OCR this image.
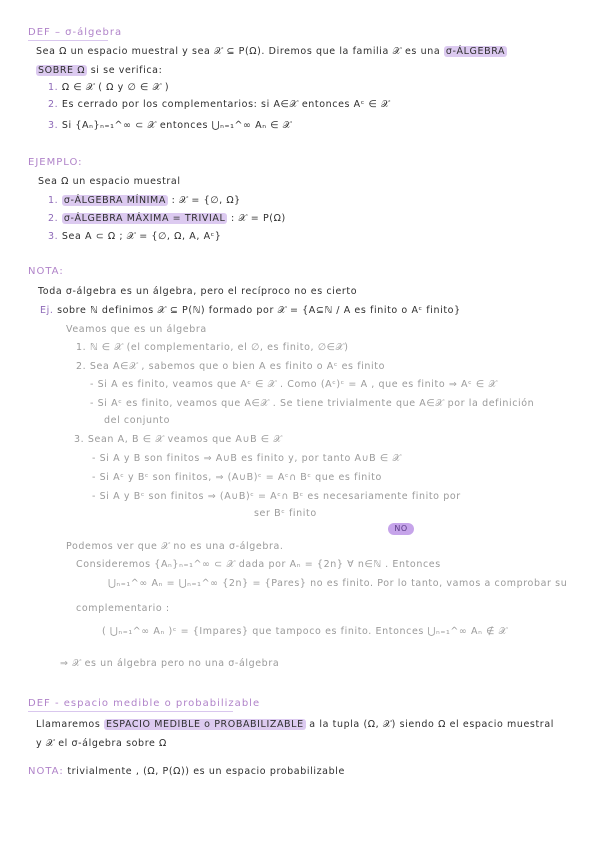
DEF – σ-álgebra
Sea Ω un espacio muestral y sea 𝒳 ⊆ P(Ω). Diremos que la familia 𝒳 es una σ-ÁLGEBRA
SOBRE Ω si se verifica:
1. Ω ∈ 𝒳 ( Ω y ∅ ∈ 𝒳 )
2. Es cerrado por los complementarios: si A∈𝒳 entonces Aᶜ ∈ 𝒳
3. Si {Aₙ}ₙ₌₁^∞ ⊂ 𝒳 entonces ⋃ₙ₌₁^∞ Aₙ ∈ 𝒳
EJEMPLO:
Sea Ω un espacio muestral
1. σ-ÁLGEBRA MÍNIMA : 𝒳 = {∅, Ω}
2. σ-ÁLGEBRA MÁXIMA = TRIVIAL : 𝒳 = P(Ω)
3. Sea A ⊂ Ω ; 𝒳 = {∅, Ω, A, Aᶜ}
NOTA:
Toda σ-álgebra es un álgebra, pero el recíproco no es cierto
Ej. sobre ℕ definimos 𝒳 ⊆ P(ℕ) formado por 𝒳 = {A⊆ℕ / A es finito o Aᶜ finito}
Veamos que es un álgebra
1. ℕ ∈ 𝒳 (el complementario, el ∅, es finito, ∅∈𝒳)
2. Sea A∈𝒳 , sabemos que o bien A es finito o Aᶜ es finito
- Si A es finito, veamos que Aᶜ ∈ 𝒳 . Como (Aᶜ)ᶜ = A , que es finito ⇒ Aᶜ ∈ 𝒳
- Si Aᶜ es finito, veamos que A∈𝒳 . Se tiene trivialmente que A∈𝒳 por la definición
del conjunto
3. Sean A, B ∈ 𝒳 veamos que A∪B ∈ 𝒳
- Si A y B son finitos ⇒ A∪B es finito y, por tanto A∪B ∈ 𝒳
- Si Aᶜ y Bᶜ son finitos, ⇒ (A∪B)ᶜ = Aᶜ∩ Bᶜ que es finito
- Si A y Bᶜ son finitos ⇒ (A∪B)ᶜ = Aᶜ∩ Bᶜ es necesariamente finito por
ser Bᶜ finito
NO
Podemos ver que 𝒳 no es una σ-álgebra.
Consideremos {Aₙ}ₙ₌₁^∞ ⊂ 𝒳 dada por Aₙ = {2n} ∀ n∈ℕ . Entonces
⋃ₙ₌₁^∞ Aₙ = ⋃ₙ₌₁^∞ {2n} = {Pares} no es finito. Por lo tanto, vamos a comprobar su
complementario :
( ⋃ₙ₌₁^∞ Aₙ )ᶜ = {Impares} que tampoco es finito. Entonces ⋃ₙ₌₁^∞ Aₙ ∉ 𝒳
⇒ 𝒳 es un álgebra pero no una σ-álgebra
DEF - espacio medible o probabilizable
Llamaremos ESPACIO MEDIBLE o PROBABILIZABLE a la tupla (Ω, 𝒳) siendo Ω el espacio muestral
y 𝒳 el σ-álgebra sobre Ω
NOTA: trivialmente , (Ω, P(Ω)) es un espacio probabilizable
